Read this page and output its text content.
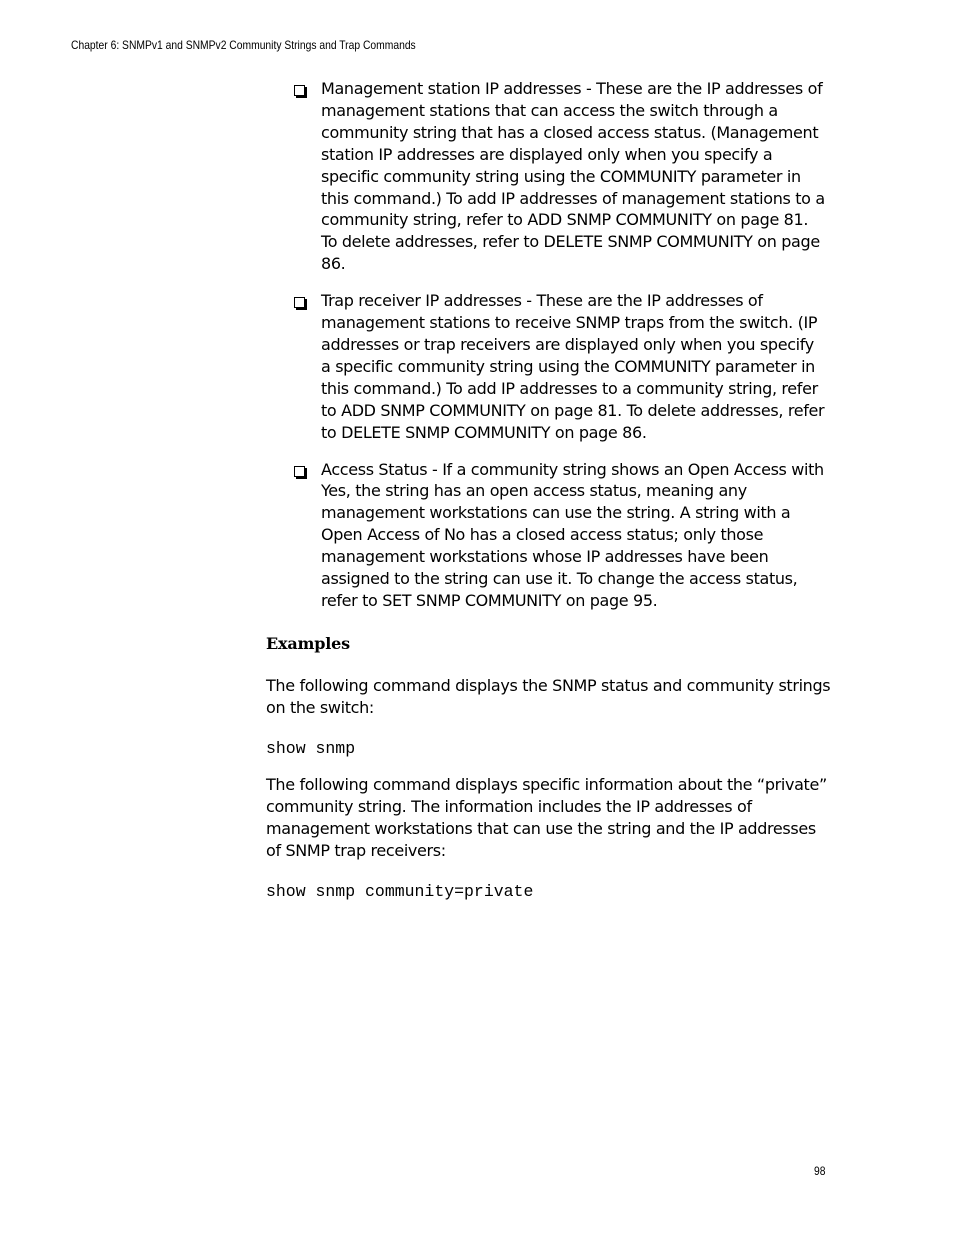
Chapter 6: SNMPv1 and SNMPv2 Community Strings and Trap Commands
Management station IP addresses - These are the IP addresses of management stations that can access the switch through a community string that has a closed access status. (Management station IP addresses are displayed only when you specify a specific community string using the COMMUNITY parameter in this command.) To add IP addresses of management stations to a community string, refer to ADD SNMP COMMUNITY on page 81. To delete addresses, refer to DELETE SNMP COMMUNITY on page 86.
Trap receiver IP addresses - These are the IP addresses of management stations to receive SNMP traps from the switch. (IP addresses or trap receivers are displayed only when you specify a specific community string using the COMMUNITY parameter in this command.) To add IP addresses to a community string, refer to ADD SNMP COMMUNITY on page 81. To delete addresses, refer to DELETE SNMP COMMUNITY on page 86.
Access Status - If a community string shows an Open Access with Yes, the string has an open access status, meaning any management workstations can use the string. A string with a Open Access of No has a closed access status; only those management workstations whose IP addresses have been assigned to the string can use it. To change the access status, refer to SET SNMP COMMUNITY on page 95.
Examples
The following command displays the SNMP status and community strings on the switch:
show snmp
The following command displays specific information about the “private” community string. The information includes the IP addresses of management workstations that can use the string and the IP addresses of SNMP trap receivers:
show snmp community=private
98
